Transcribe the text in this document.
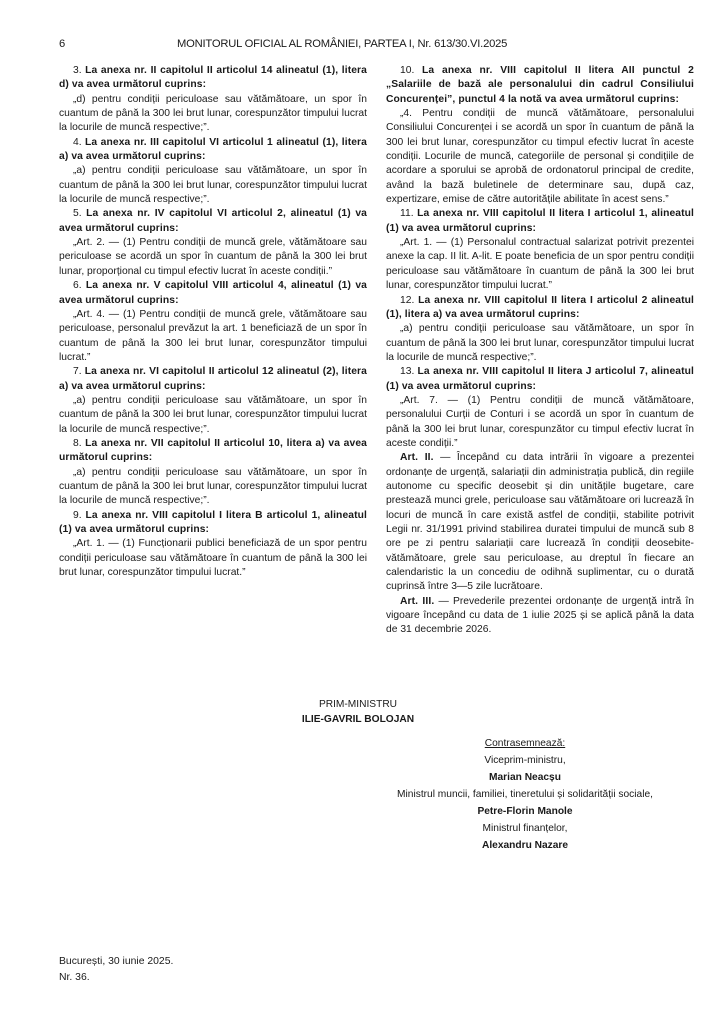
6	MONITORUL OFICIAL AL ROMÂNIEI, PARTEA I, Nr. 613/30.VI.2025

3. La anexa nr. II capitolul II articolul 14 alineatul (1), litera d) va avea următorul cuprins:

„d) pentru condiții periculoase sau vătămătoare, un spor în cuantum de până la 300 lei brut lunar, corespunzător timpului lucrat la locurile de muncă respective;”.

4. La anexa nr. III capitolul VI articolul 1 alineatul (1), litera a) va avea următorul cuprins:

„a) pentru condiții periculoase sau vătămătoare, un spor în cuantum de până la 300 lei brut lunar, corespunzător timpului lucrat la locurile de muncă respective;”.

5. La anexa nr. IV capitolul VI articolul 2, alineatul (1) va avea următorul cuprins:

„Art. 2. — (1) Pentru condiții de muncă grele, vătămătoare sau periculoase se acordă un spor în cuantum de până la 300 lei brut lunar, proporțional cu timpul efectiv lucrat în aceste condiții.”

6. La anexa nr. V capitolul VIII articolul 4, alineatul (1) va avea următorul cuprins:

„Art. 4. — (1) Pentru condiții de muncă grele, vătămătoare sau periculoase, personalul prevăzut la art. 1 beneficiază de un spor în cuantum de până la 300 lei brut lunar, corespunzător timpului lucrat.”

7. La anexa nr. VI capitolul II articolul 12 alineatul (2), litera a) va avea următorul cuprins:

„a) pentru condiții periculoase sau vătămătoare, un spor în cuantum de până la 300 lei brut lunar, corespunzător timpului lucrat la locurile de muncă respective;”.

8. La anexa nr. VII capitolul II articolul 10, litera a) va avea următorul cuprins:

„a) pentru condiții periculoase sau vătămătoare, un spor în cuantum de până la 300 lei brut lunar, corespunzător timpului lucrat la locurile de muncă respective;”.

9. La anexa nr. VIII capitolul I litera B articolul 1, alineatul (1) va avea următorul cuprins:

„Art. 1. — (1) Funcționarii publici beneficiază de un spor pentru condiții periculoase sau vătămătoare în cuantum de până la 300 lei brut lunar, corespunzător timpului lucrat.”

10. La anexa nr. VIII capitolul II litera AII punctul 2 „Salariile de bază ale personalului din cadrul Consiliului Concurenței”, punctul 4 la notă va avea următorul cuprins:

„4. Pentru condiții de muncă vătămătoare, personalului Consiliului Concurenței i se acordă un spor în cuantum de până la 300 lei brut lunar, corespunzător cu timpul efectiv lucrat în aceste condiții. Locurile de muncă, categoriile de personal și condițiile de acordare a sporului se aprobă de ordonatorul principal de credite, având la bază buletinele de determinare sau, după caz, expertizare, emise de către autoritățile abilitate în acest sens.”

11. La anexa nr. VIII capitolul II litera I articolul 1, alineatul (1) va avea următorul cuprins:

„Art. 1. — (1) Personalul contractual salarizat potrivit prezentei anexe la cap. II lit. A-lit. E poate beneficia de un spor pentru condiții periculoase sau vătămătoare în cuantum de până la 300 lei brut lunar, corespunzător timpului lucrat.”

12. La anexa nr. VIII capitolul II litera I articolul 2 alineatul (1), litera a) va avea următorul cuprins:

„a) pentru condiții periculoase sau vătămătoare, un spor în cuantum de până la 300 lei brut lunar, corespunzător timpului lucrat la locurile de muncă respective;”.

13. La anexa nr. VIII capitolul II litera J articolul 7, alineatul (1) va avea următorul cuprins:

„Art. 7. — (1) Pentru condiții de muncă vătămătoare, personalului Curții de Conturi i se acordă un spor în cuantum de până la 300 lei brut lunar, corespunzător cu timpul efectiv lucrat în aceste condiții.”

Art. II. — Începând cu data intrării în vigoare a prezentei ordonanțe de urgență, salariații din administrația publică, din regiile autonome cu specific deosebit și din unitățile bugetare, care prestează munci grele, periculoase sau vătămătoare ori lucrează în locuri de muncă în care există astfel de condiții, stabilite potrivit Legii nr. 31/1991 privind stabilirea duratei timpului de muncă sub 8 ore pe zi pentru salariații care lucrează în condiții deosebite-vătămătoare, grele sau periculoase, au dreptul în fiecare an calendaristic la un concediu de odihnă suplimentar, cu o durată cuprinsă între 3—5 zile lucrătoare.

Art. III. — Prevederile prezentei ordonanțe de urgență intră în vigoare începând cu data de 1 iulie 2025 și se aplică până la data de 31 decembrie 2026.

PRIM-MINISTRU
ILIE-GAVRIL BOLOJAN
Contrasemnează:
Viceprim-ministru,
Marian Neacșu
Ministrul muncii, familiei, tineretului și solidarității sociale,
Petre-Florin Manole
Ministrul finanțelor,
Alexandru Nazare
București, 30 iunie 2025.
Nr. 36.
